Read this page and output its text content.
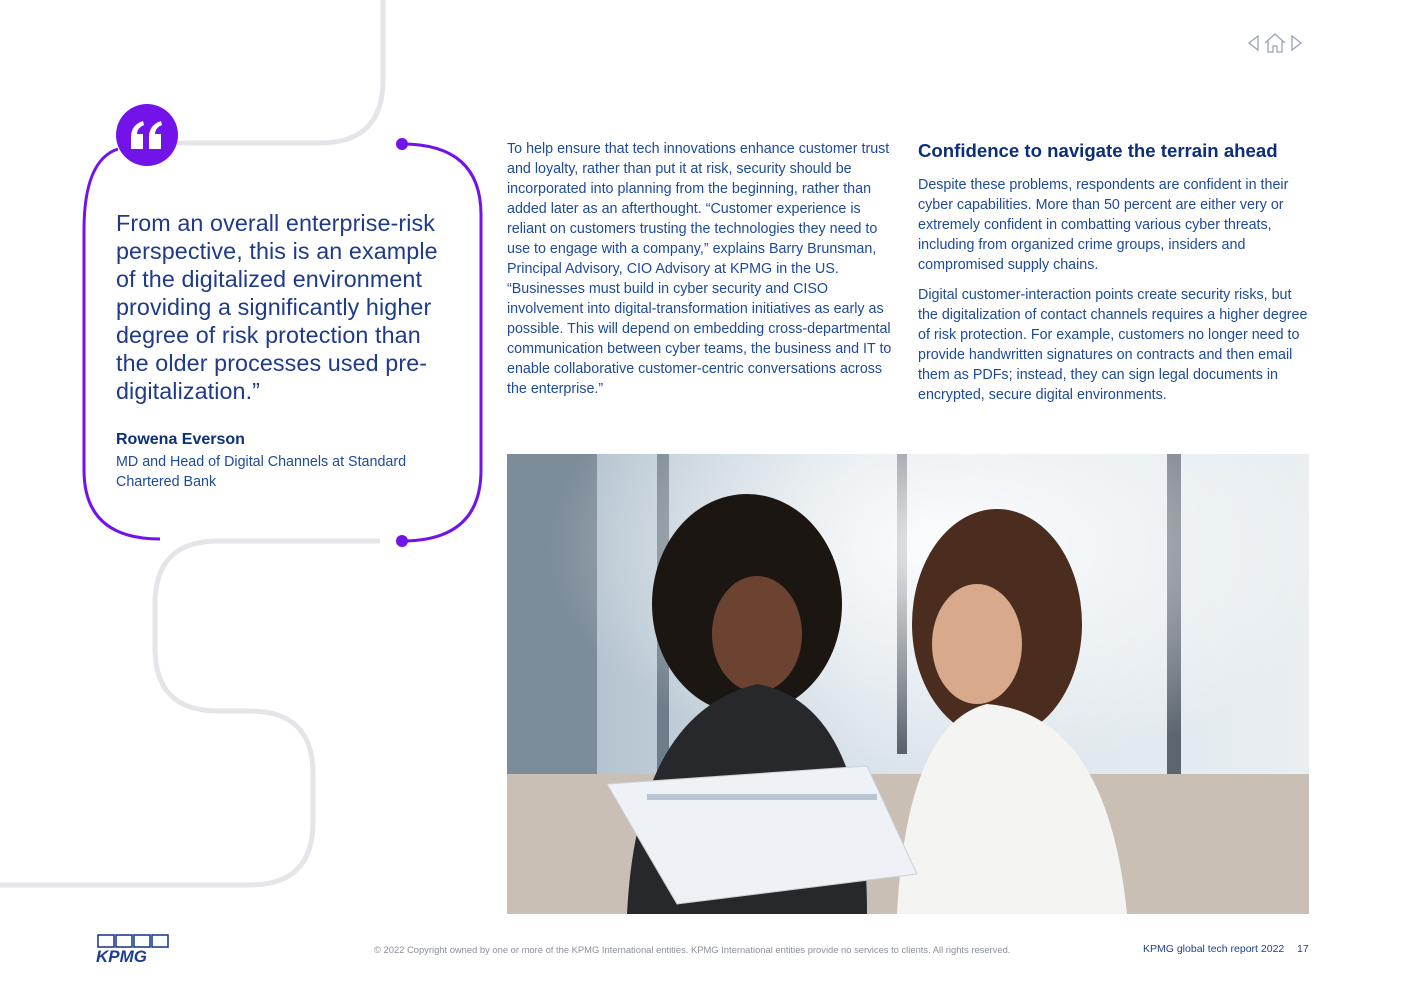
From an overall enterprise-risk perspective, this is an example of the digitalized environment providing a significantly higher degree of risk protection than the older processes used pre-digitalization.”
Rowena Everson
MD and Head of Digital Channels at Standard Chartered Bank

To help ensure that tech innovations enhance customer trust and loyalty, rather than put it at risk, security should be incorporated into planning from the beginning, rather than added later as an afterthought. “Customer experience is reliant on customers trusting the technologies they need to use to engage with a company,” explains Barry Brunsman, Principal Advisory, CIO Advisory at KPMG in the US. “Businesses must build in cyber security and CISO involvement into digital-transformation initiatives as early as possible. This will depend on embedding cross-departmental communication between cyber teams, the business and IT to enable collaborative customer-centric conversations across the enterprise.”

Confidence to navigate the terrain ahead

Despite these problems, respondents are confident in their cyber capabilities. More than 50 percent are either very or extremely confident in combatting various cyber threats, including from organized crime groups, insiders and compromised supply chains.

Digital customer-interaction points create security risks, but the digitalization of contact channels requires a higher degree of risk protection. For example, customers no longer need to provide handwritten signatures on contracts and then email them as PDFs; instead, they can sign legal documents in encrypted, secure digital environments.

KPMG	© 2022 Copyright owned by one or more of the KPMG International entities. KPMG International entities provide no services to clients. All rights reserved.	KPMG global tech report 2022 17
